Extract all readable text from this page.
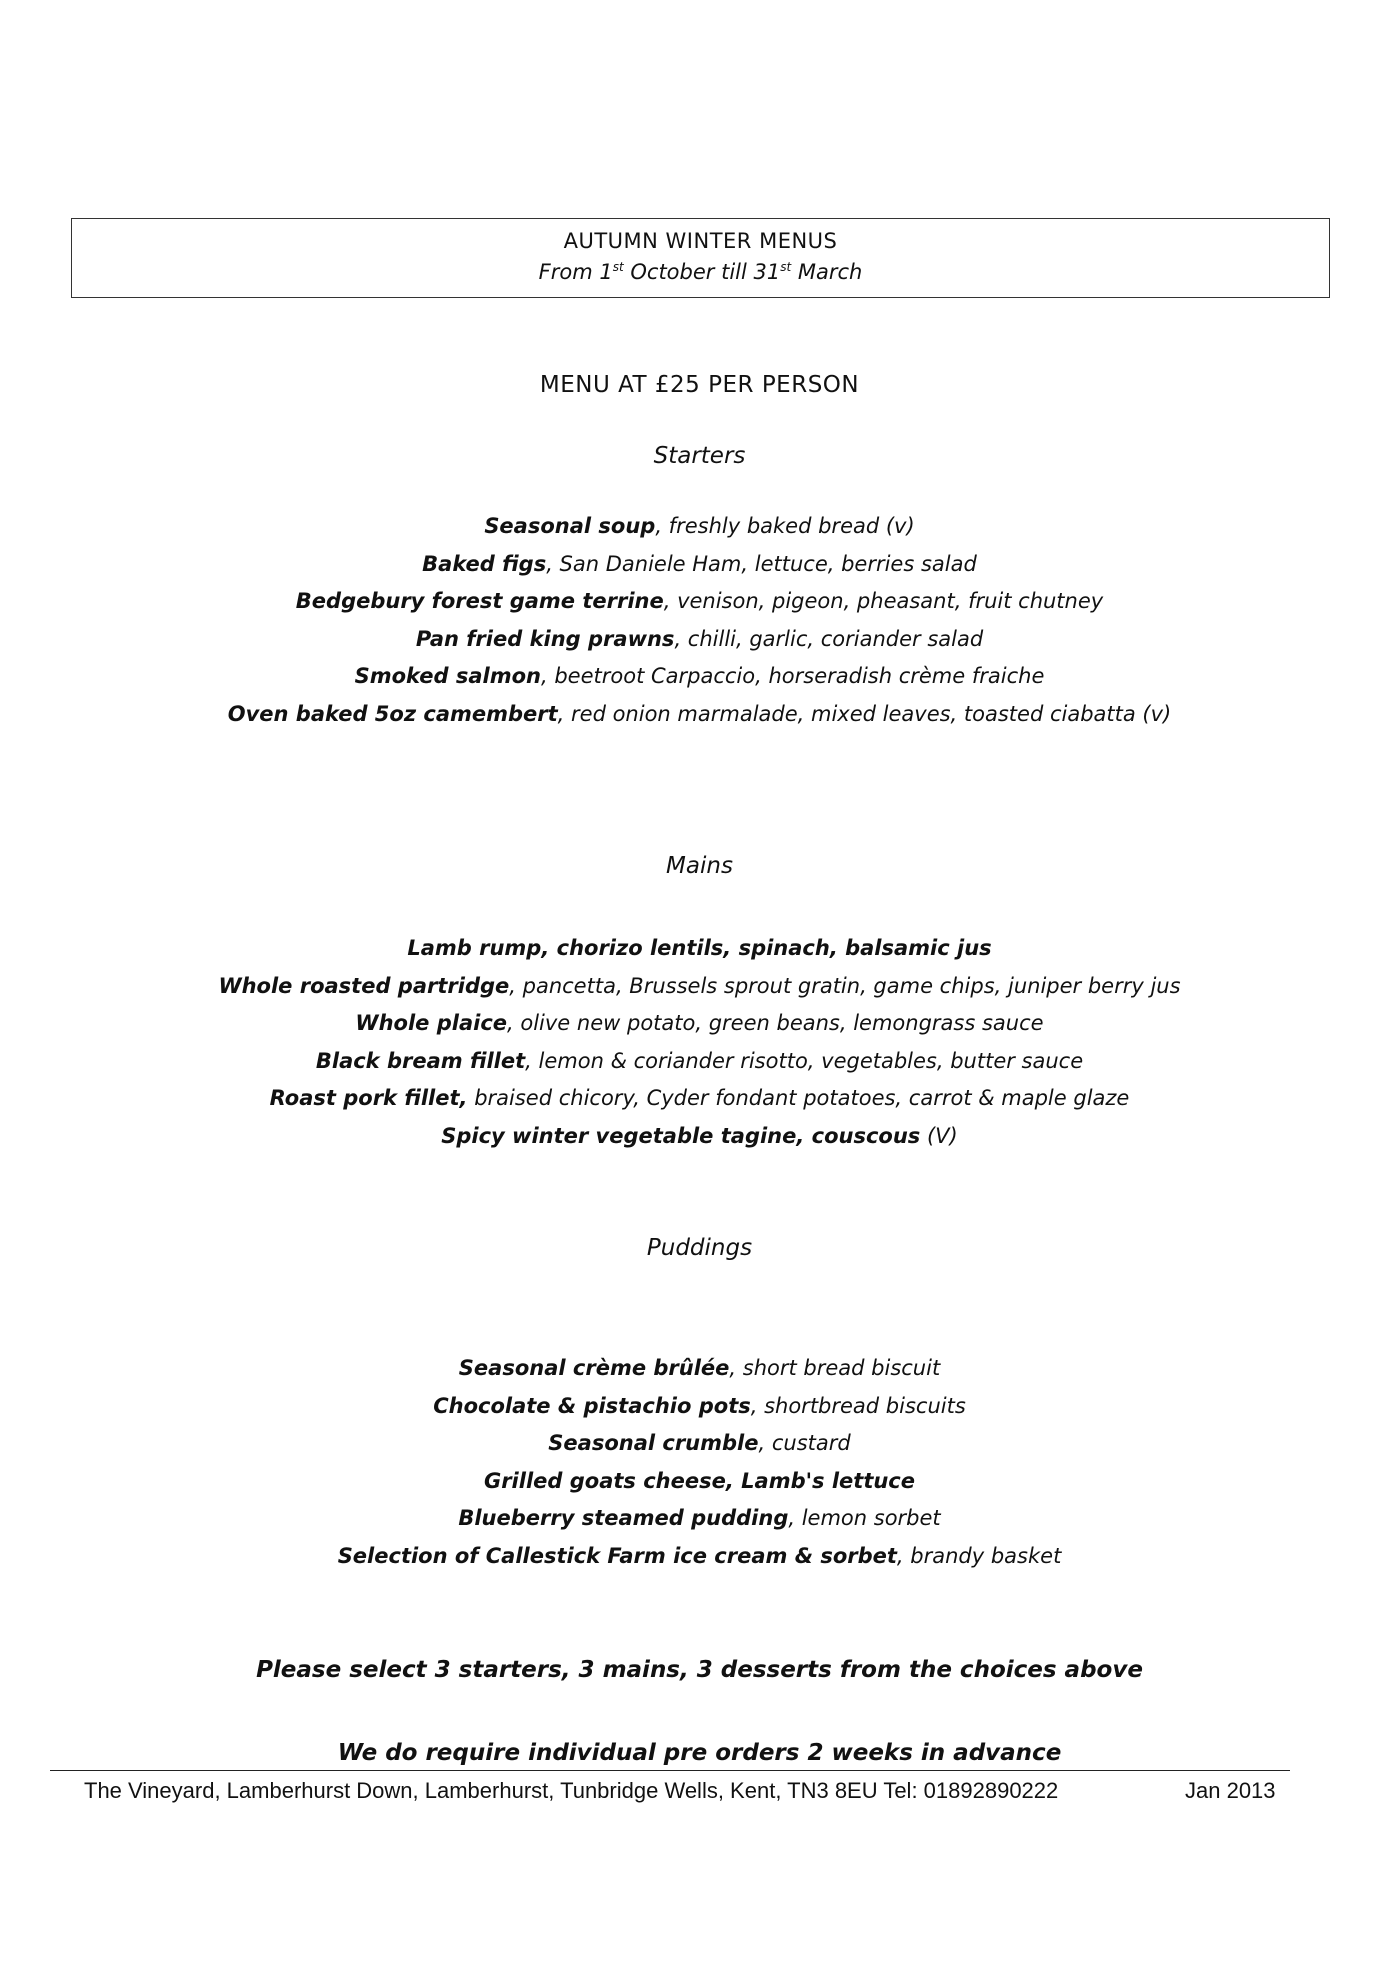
AUTUMN WINTER MENUS
From 1st October till 31st March
MENU AT £25 PER PERSON
Starters
Seasonal soup, freshly baked bread (v)
Baked figs, San Daniele Ham, lettuce, berries salad
Bedgebury forest game terrine, venison, pigeon, pheasant, fruit chutney
Pan fried king prawns, chilli, garlic, coriander salad
Smoked salmon, beetroot Carpaccio, horseradish crème fraiche
Oven baked 5oz camembert, red onion marmalade, mixed leaves, toasted ciabatta (v)
Mains
Lamb rump, chorizo lentils, spinach, balsamic jus
Whole roasted partridge, pancetta, Brussels sprout gratin, game chips, juniper berry jus
Whole plaice, olive new potato, green beans, lemongrass sauce
Black bream fillet, lemon & coriander risotto, vegetables, butter sauce
Roast pork fillet, braised chicory, Cyder fondant potatoes, carrot & maple glaze
Spicy winter vegetable tagine, couscous (V)
Puddings
Seasonal crème brûlée, short bread biscuit
Chocolate & pistachio pots, shortbread biscuits
Seasonal crumble, custard
Grilled goats cheese, Lamb's lettuce
Blueberry steamed pudding, lemon sorbet
Selection of Callestick Farm ice cream & sorbet, brandy basket
Please select 3 starters, 3 mains, 3 desserts from the choices above
We do require individual pre orders 2 weeks in advance
The Vineyard, Lamberhurst Down, Lamberhurst, Tunbridge Wells, Kent, TN3 8EU Tel: 01892890222	Jan 2013
